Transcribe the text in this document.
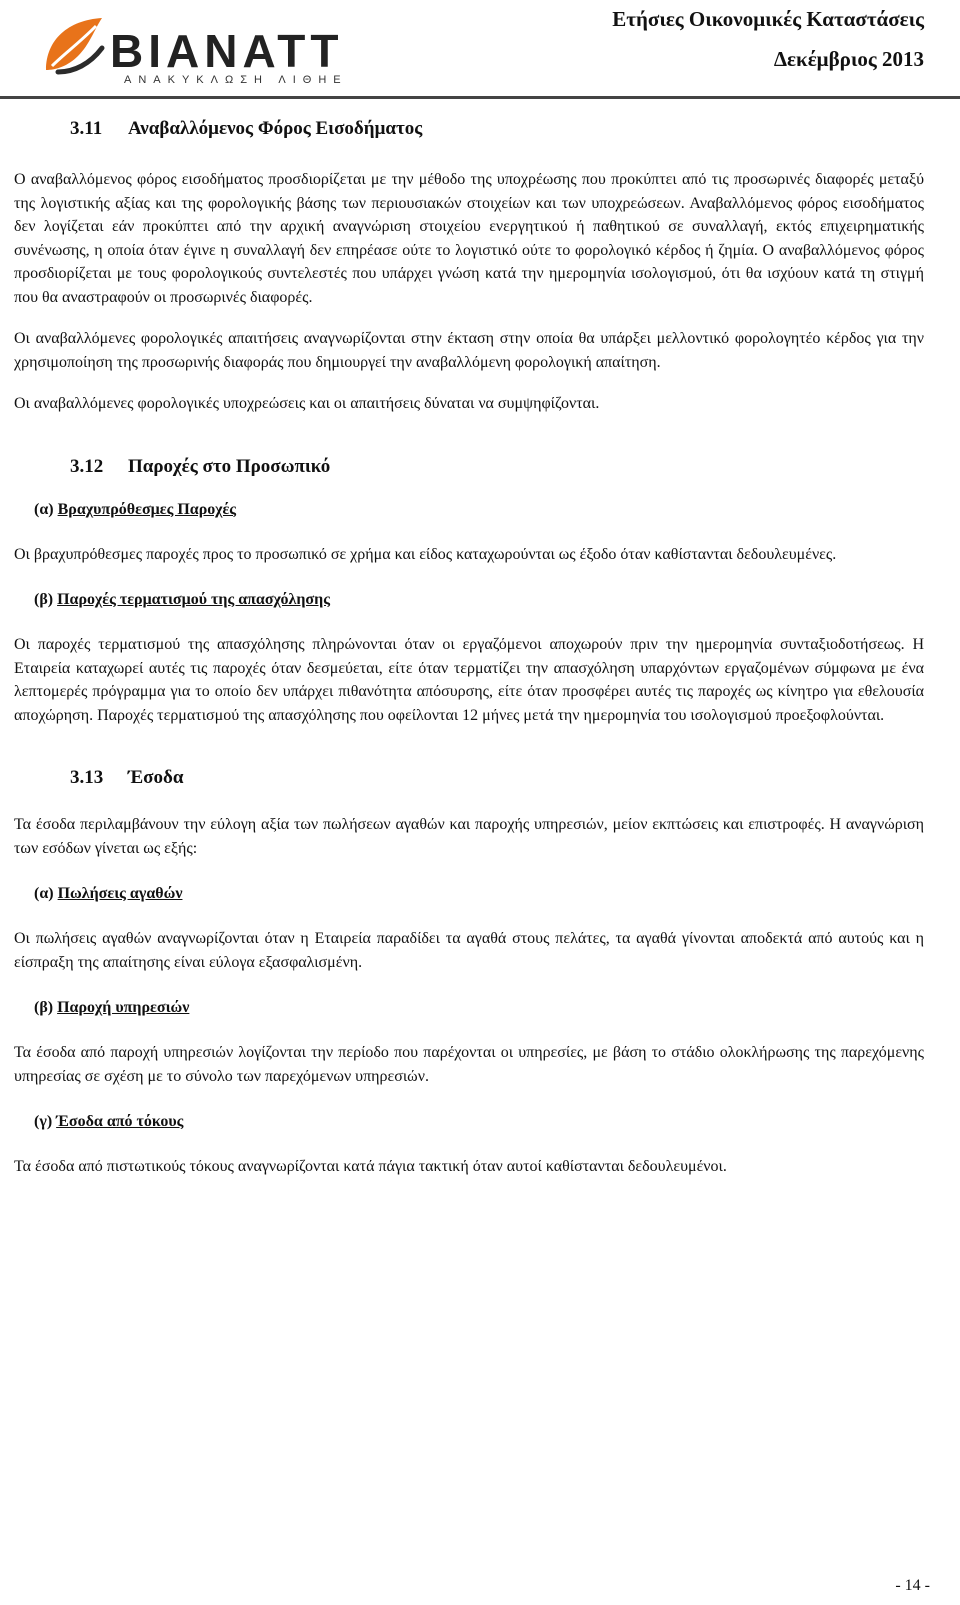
BIANATT
ΑΝΑΚΥΚΛΩΣΗ ΛΙΘΗΕ
Ετήσιες Οικονομικές Καταστάσεις
Δεκέμβριος 2013
3.11 Αναβαλλόμενος Φόρος Εισοδήματος

Ο αναβαλλόμενος φόρος εισοδήματος προσδιορίζεται με την μέθοδο της υποχρέωσης που προκύπτει από τις προσωρινές διαφορές μεταξύ της λογιστικής αξίας και της φορολογικής βάσης των περιουσιακών στοιχείων και των υποχρεώσεων. Αναβαλλόμενος φόρος εισοδήματος δεν λογίζεται εάν προκύπτει από την αρχική αναγνώριση στοιχείου ενεργητικού ή παθητικού σε συναλλαγή, εκτός επιχειρηματικής συνένωσης, η οποία όταν έγινε η συναλλαγή δεν επηρέασε ούτε το λογιστικό ούτε το φορολογικό κέρδος ή ζημία. Ο αναβαλλόμενος φόρος προσδιορίζεται με τους φορολογικούς συντελεστές που υπάρχει γνώση κατά την ημερομηνία ισολογισμού, ότι θα ισχύουν κατά τη στιγμή που θα αναστραφούν οι προσωρινές διαφορές.

Οι αναβαλλόμενες φορολογικές απαιτήσεις αναγνωρίζονται στην έκταση στην οποία θα υπάρξει μελλοντικό φορολογητέο κέρδος για την χρησιμοποίηση της προσωρινής διαφοράς που δημιουργεί την αναβαλλόμενη φορολογική απαίτηση.

Οι αναβαλλόμενες φορολογικές υποχρεώσεις και οι απαιτήσεις δύναται να συμψηφίζονται.

3.12 Παροχές στο Προσωπικό
(α) Βραχυπρόθεσμες Παροχές

Οι βραχυπρόθεσμες παροχές προς το προσωπικό σε χρήμα και είδος καταχωρούνται ως έξοδο όταν καθίστανται δεδουλευμένες.

(β) Παροχές τερματισμού της απασχόλησης

Οι παροχές τερματισμού της απασχόλησης πληρώνονται όταν οι εργαζόμενοι αποχωρούν πριν την ημερομηνία συνταξιοδοτήσεως. Η Εταιρεία καταχωρεί αυτές τις παροχές όταν δεσμεύεται, είτε όταν τερματίζει την απασχόληση υπαρχόντων εργαζομένων σύμφωνα με ένα λεπτομερές πρόγραμμα για το οποίο δεν υπάρχει πιθανότητα απόσυρσης, είτε όταν προσφέρει αυτές τις παροχές ως κίνητρο για εθελουσία αποχώρηση. Παροχές τερματισμού της απασχόλησης που οφείλονται 12 μήνες μετά την ημερομηνία του ισολογισμού προεξοφλούνται.

3.13 Έσοδα

Τα έσοδα περιλαμβάνουν την εύλογη αξία των πωλήσεων αγαθών και παροχής υπηρεσιών, μείον εκπτώσεις και επιστροφές. Η αναγνώριση των εσόδων γίνεται ως εξής:

(α) Πωλήσεις αγαθών

Οι πωλήσεις αγαθών αναγνωρίζονται όταν η Εταιρεία παραδίδει τα αγαθά στους πελάτες, τα αγαθά γίνονται αποδεκτά από αυτούς και η είσπραξη της απαίτησης είναι εύλογα εξασφαλισμένη.

(β) Παροχή υπηρεσιών

Τα έσοδα από παροχή υπηρεσιών λογίζονται την περίοδο που παρέχονται οι υπηρεσίες, με βάση το στάδιο ολοκλήρωσης της παρεχόμενης υπηρεσίας σε σχέση με το σύνολο των παρεχόμενων υπηρεσιών.

(γ) Έσοδα από τόκους

Τα έσοδα από πιστωτικούς τόκους αναγνωρίζονται κατά πάγια τακτική όταν αυτοί καθίστανται δεδουλευμένοι.

- 14 -
